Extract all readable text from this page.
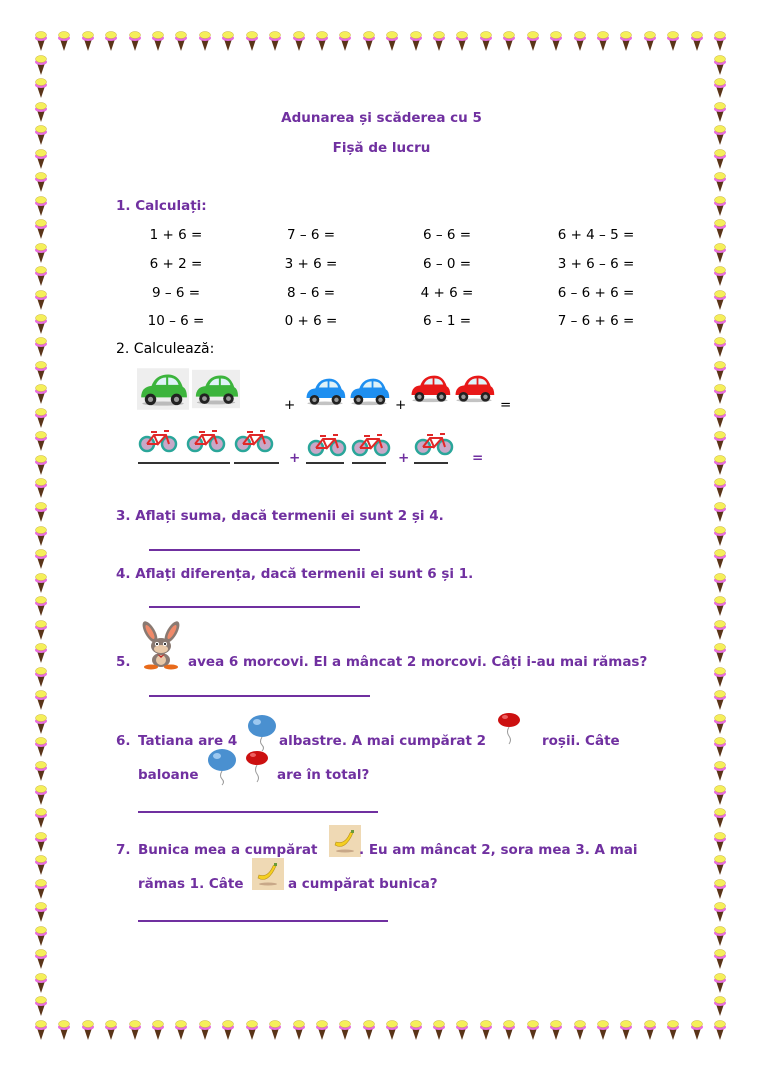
Adunarea și scăderea cu 5
Fișă de lucru
1. Calculați:
1 + 6 =	7 – 6 =	6 – 6 =	6 + 4 – 5 =
6 + 2 =	3 + 6 =	6 – 0 =	3 + 6 – 6 =
9 – 6 =	8 – 6 =	4 + 6 =	6 – 6 + 6 =
10 – 6 =	0 + 6 =	6 – 1 =	7 – 6 + 6 =
2. Calculează:
+	+	=
+	+	=
3. Aflați suma, dacă termenii ei sunt 2 și 4.
4. Aflați diferența, dacă termenii ei sunt 6 și 1.
5.	avea 6 morcovi. El a mâncat 2 morcovi. Câți i-au mai rămas?
6. Tatiana are 4	albastre. A mai cumpărat 2	roșii. Câte
baloane	are în total?
7. Bunica mea a cumpărat	. Eu am mâncat 2, sora mea 3. A mai
rămas 1. Câte	a cumpărat bunica?
